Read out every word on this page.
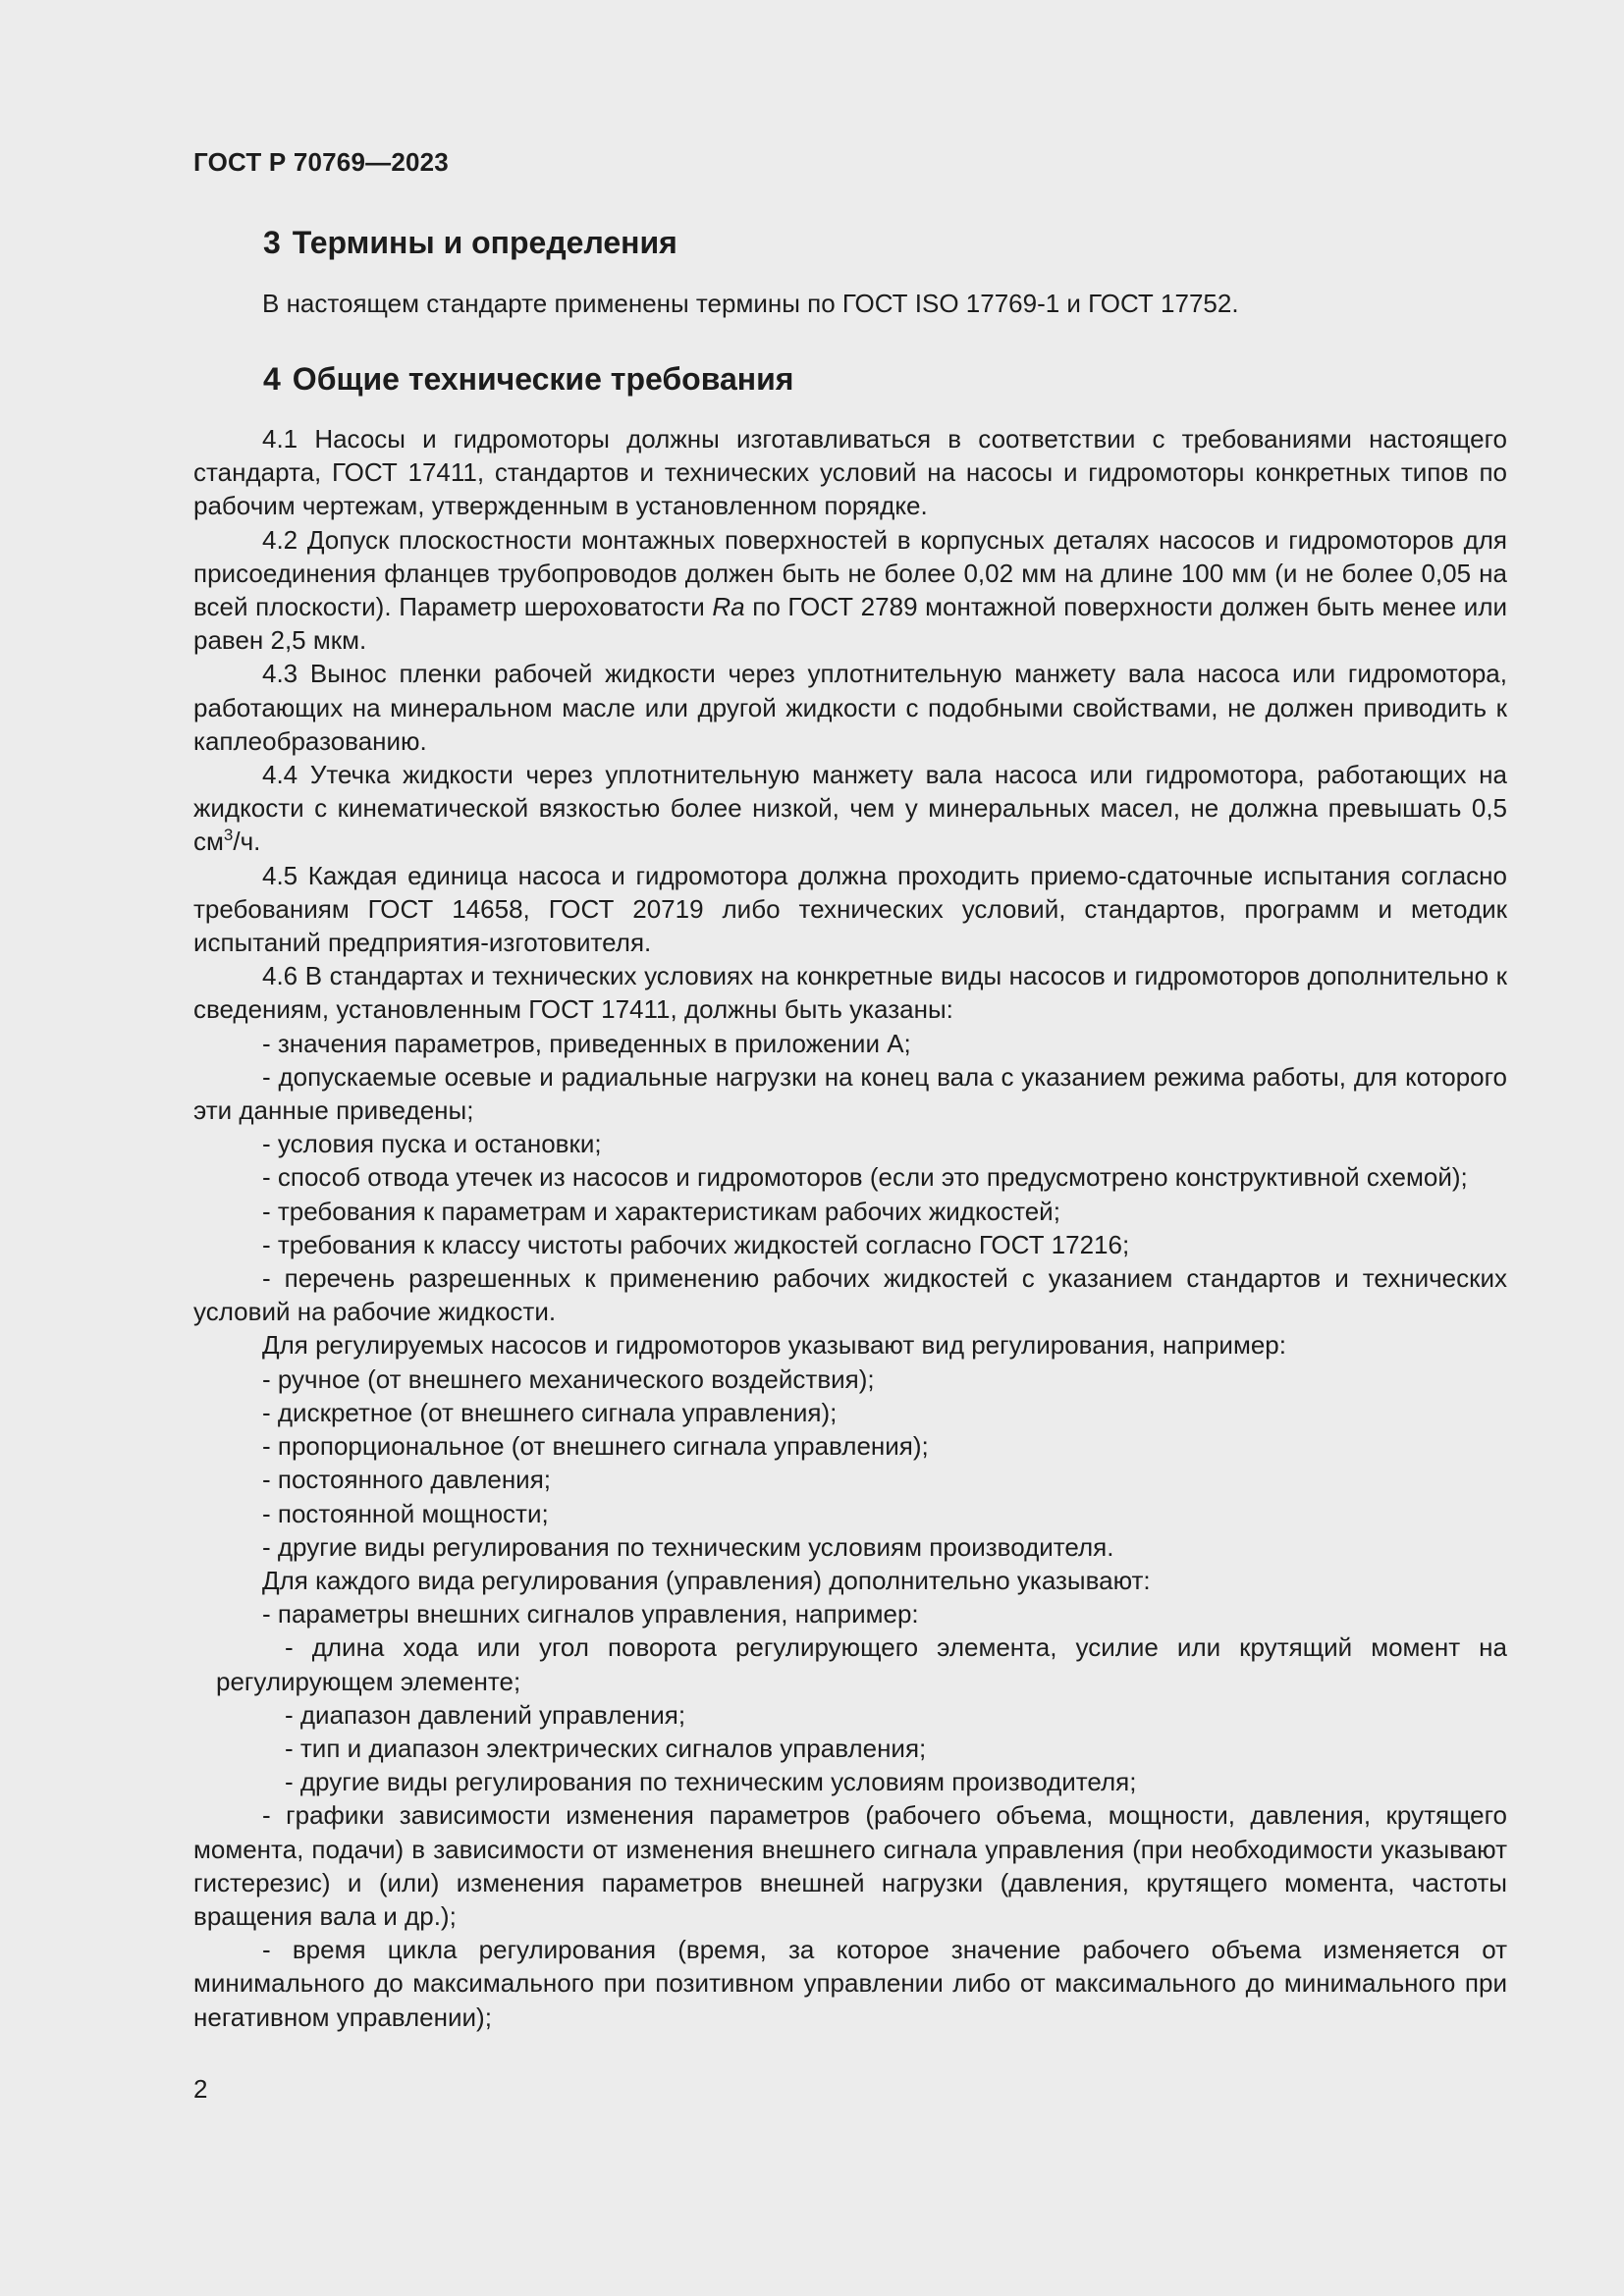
ГОСТ Р 70769—2023
3 Термины и определения

В настоящем стандарте применены термины по ГОСТ ISO 17769-1 и ГОСТ 17752.

4 Общие технические требования

4.1 Насосы и гидромоторы должны изготавливаться в соответствии с требованиями настоящего стандарта, ГОСТ 17411, стандартов и технических условий на насосы и гидромоторы конкретных типов по рабочим чертежам, утвержденным в установленном порядке.

4.2 Допуск плоскостности монтажных поверхностей в корпусных деталях насосов и гидромоторов для присоединения фланцев трубопроводов должен быть не более 0,02 мм на длине 100 мм (и не более 0,05 на всей плоскости). Параметр шероховатости Ra по ГОСТ 2789 монтажной поверхности должен быть менее или равен 2,5 мкм.

4.3 Вынос пленки рабочей жидкости через уплотнительную манжету вала насоса или гидромотора, работающих на минеральном масле или другой жидкости с подобными свойствами, не должен приводить к каплеобразованию.

4.4 Утечка жидкости через уплотнительную манжету вала насоса или гидромотора, работающих на жидкости с кинематической вязкостью более низкой, чем у минеральных масел, не должна превышать 0,5 $см^3/ч$.

4.5 Каждая единица насоса и гидромотора должна проходить приемо-сдаточные испытания согласно требованиям ГОСТ 14658, ГОСТ 20719 либо технических условий, стандартов, программ и методик испытаний предприятия-изготовителя.

4.6 В стандартах и технических условиях на конкретные виды насосов и гидромоторов дополнительно к сведениям, установленным ГОСТ 17411, должны быть указаны:

- значения параметров, приведенных в приложении А;

- допускаемые осевые и радиальные нагрузки на конец вала с указанием режима работы, для которого эти данные приведены;

- условия пуска и остановки;

- способ отвода утечек из насосов и гидромоторов (если это предусмотрено конструктивной схемой);

- требования к параметрам и характеристикам рабочих жидкостей;

- требования к классу чистоты рабочих жидкостей согласно ГОСТ 17216;

- перечень разрешенных к применению рабочих жидкостей с указанием стандартов и технических условий на рабочие жидкости.

Для регулируемых насосов и гидромоторов указывают вид регулирования, например:

- ручное (от внешнего механического воздействия);

- дискретное (от внешнего сигнала управления);

- пропорциональное (от внешнего сигнала управления);

- постоянного давления;

- постоянной мощности;

- другие виды регулирования по техническим условиям производителя.

Для каждого вида регулирования (управления) дополнительно указывают:

- параметры внешних сигналов управления, например:

- длина хода или угол поворота регулирующего элемента, усилие или крутящий момент на регулирующем элементе;

- диапазон давлений управления;

- тип и диапазон электрических сигналов управления;

- другие виды регулирования по техническим условиям производителя;

- графики зависимости изменения параметров (рабочего объема, мощности, давления, крутящего момента, подачи) в зависимости от изменения внешнего сигнала управления (при необходимости указывают гистерезис) и (или) изменения параметров внешней нагрузки (давления, крутящего момента, частоты вращения вала и др.);

- время цикла регулирования (время, за которое значение рабочего объема изменяется от минимального до максимального при позитивном управлении либо от максимального до минимального при негативном управлении);

2
